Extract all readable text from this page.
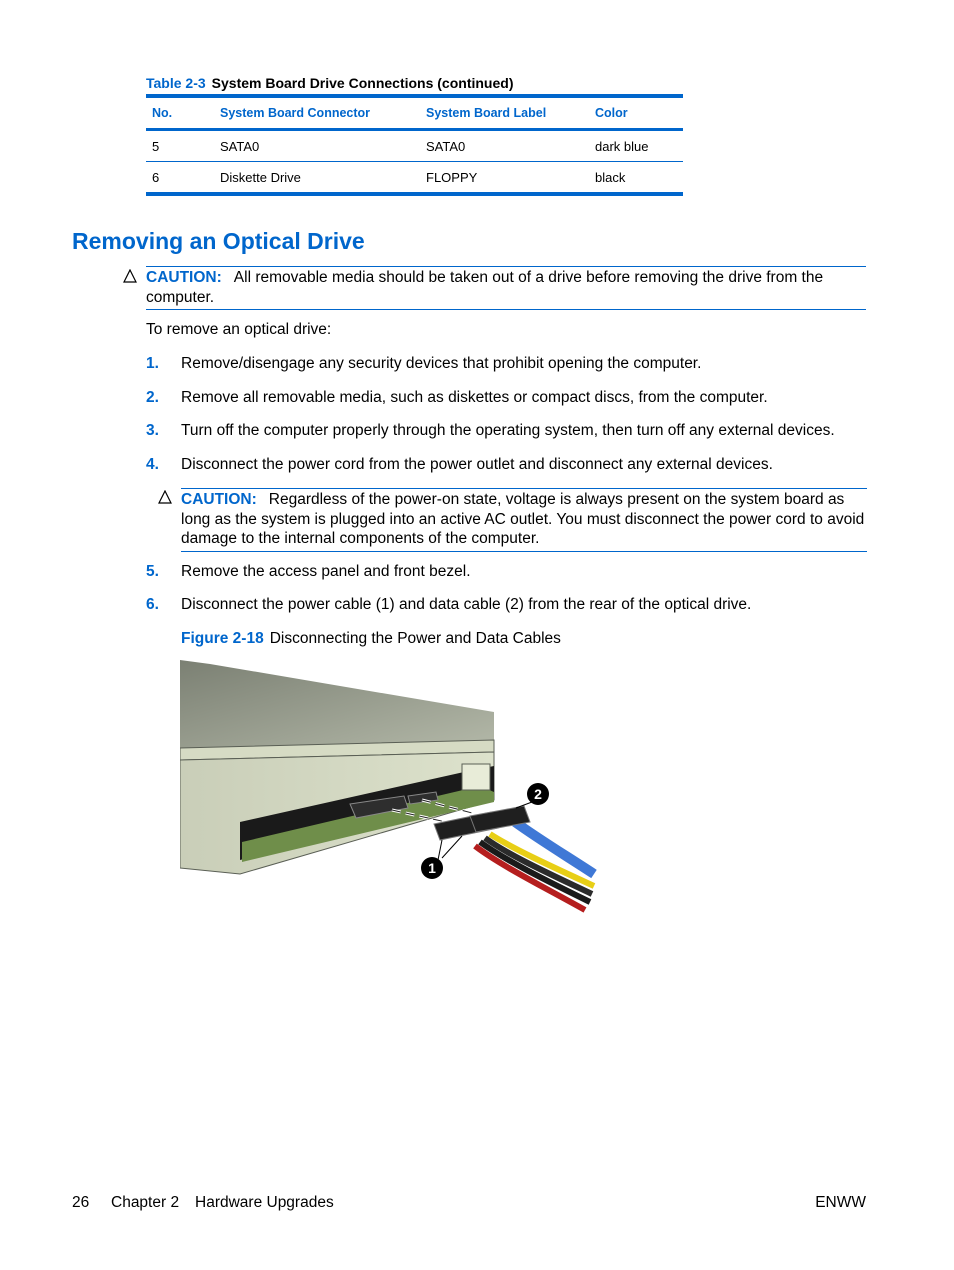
Table 2-3 System Board Drive Connections (continued)
No.	System Board Connector	System Board Label	Color
5	SATA0	SATA0	dark blue
6	Diskette Drive	FLOPPY	black
Removing an Optical Drive
CAUTION: All removable media should be taken out of a drive before removing the drive from the computer.
To remove an optical drive:
1. Remove/disengage any security devices that prohibit opening the computer.
2. Remove all removable media, such as diskettes or compact discs, from the computer.
3. Turn off the computer properly through the operating system, then turn off any external devices.
4. Disconnect the power cord from the power outlet and disconnect any external devices.
CAUTION: Regardless of the power-on state, voltage is always present on the system board as long as the system is plugged into an active AC outlet. You must disconnect the power cord to avoid damage to the internal components of the computer.
5. Remove the access panel and front bezel.
6. Disconnect the power cable (1) and data cable (2) from the rear of the optical drive.
Figure 2-18 Disconnecting the Power and Data Cables
1
2
26 Chapter 2 Hardware Upgrades	ENWW
